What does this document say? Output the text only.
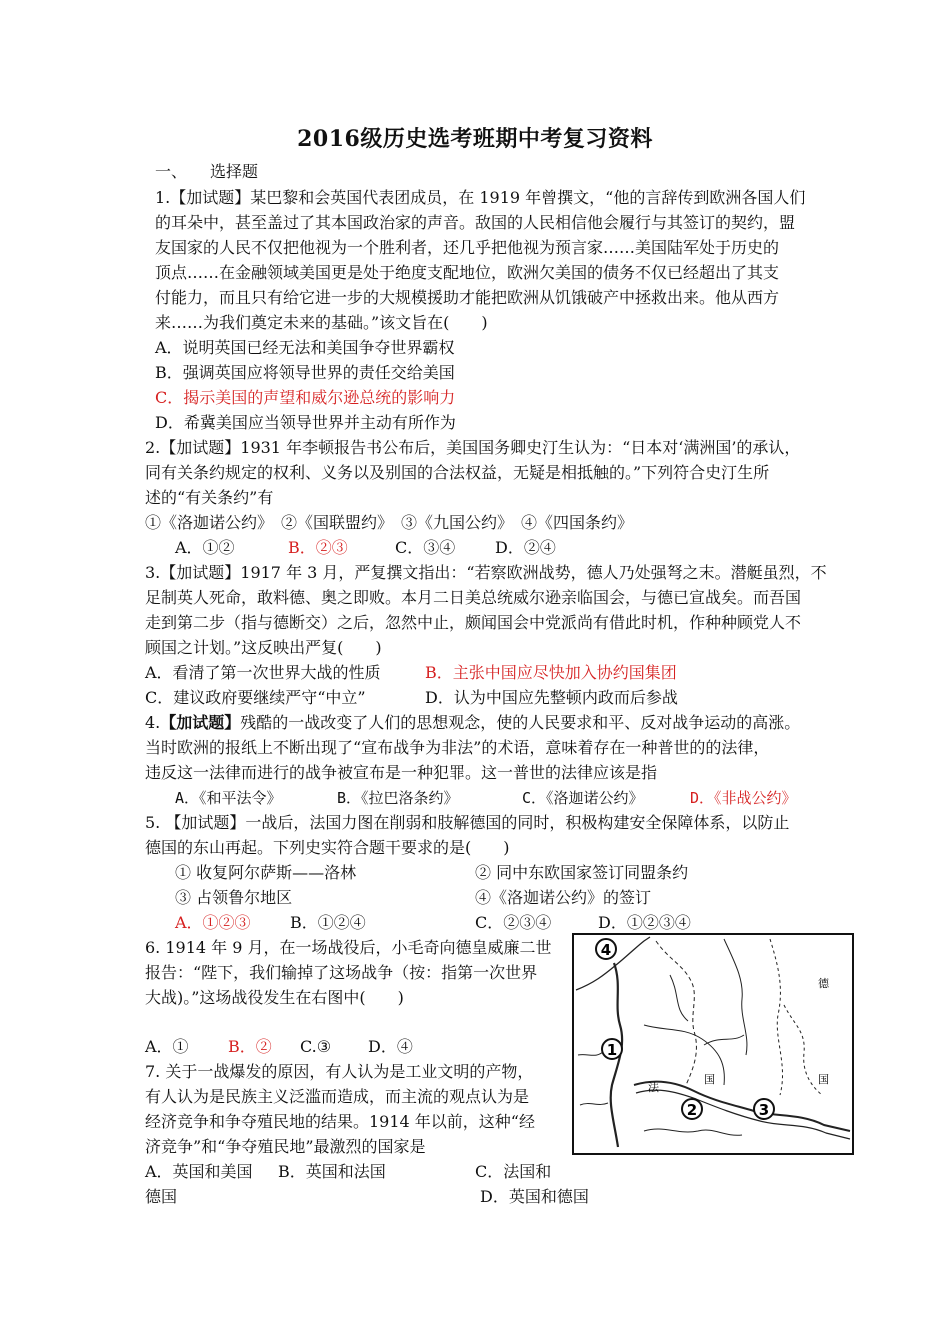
2016级历史选考班期中考复习资料
一、 选择题
1.【加试题】某巴黎和会英国代表团成员，在 1919 年曾撰文，“他的言辞传到欧洲各国人们
的耳朵中，甚至盖过了其本国政治家的声音。敌国的人民相信他会履行与其签订的契约，盟
友国家的人民不仅把他视为一个胜利者，还几乎把他视为预言家……美国陆军处于历史的
顶点……在金融领域美国更是处于绝度支配地位，欧洲欠美国的债务不仅已经超出了其支
付能力，而且只有给它进一步的大规模援助才能把欧洲从饥饿破产中拯救出来。他从西方
来……为我们奠定未来的基础。”该文旨在(　　)
A．说明英国已经无法和美国争夺世界霸权
B．强调英国应将领导世界的责任交给美国
C．揭示美国的声望和威尔逊总统的影响力
D．希冀美国应当领导世界并主动有所作为
2.【加试题】1931 年李顿报告书公布后，美国国务卿史汀生认为：“日本对‘满洲国’的承认，
同有关条约规定的权利、义务以及别国的合法权益，无疑是相抵触的。”下列符合史汀生所
述的“有关条约”有
①《洛迦诺公约》　②《国联盟约》　③《九国公约》　④《四国条约》
A．①②	B．②③	C．③④ D．②④
3.【加试题】1917 年 3 月，严复撰文指出：“若察欧洲战势，德人乃处强弩之末。潜艇虽烈，不
足制英人死命，敢料德、奥之即败。本月二日美总统威尔逊亲临国会，与德已宣战矣。而吾国
走到第二步（指与德断交）之后，忽然中止，颇闻国会中党派尚有借此时机，作种种顾党人不
顾国之计划。”这反映出严复(　　)
A．看清了第一次世界大战的性质	B．主张中国应尽快加入协约国集团
C．建议政府要继续严守“中立”	D．认为中国应先整顿内政而后参战
4.【加试题】残酷的一战改变了人们的思想观念，使的人民要求和平、反对战争运动的高涨。
当时欧洲的报纸上不断出现了“宣布战争为非法”的术语，意味着存在一种普世的的法律，
违反这一法律而进行的战争被宣布是一种犯罪。这一普世的法律应该是指
A．《和平法令》	B．《拉巴洛条约》	C．《洛迦诺公约》	D．《非战公约》
5. 【加试题】一战后，法国力图在削弱和肢解德国的同时，积极构建安全保障体系，以防止
德国的东山再起。下列史实符合题干要求的是(　　)
① 收复阿尔萨斯——洛林	② 同中东欧国家签订同盟条约
③ 占领鲁尔地区	④《洛迦诺公约》的签订
A．①②③ B．①②④	C．②③④	D．①②③④
6. 1914 年 9 月，在一场战役后，小毛奇向德皇威廉二世
报告：“陛下，我们输掉了这场战争（按：指第一次世界
大战)。”这场战役发生在右图中(　　)
A．① B．② C.③ D．④
4
1
2	3
德
国
法
国
7. 关于一战爆发的原因，有人认为是工业文明的产物，
有人认为是民族主义泛滥而造成，而主流的观点认为是
经济竞争和争夺殖民地的结果。1914 年以前，这种“经
济竞争”和“争夺殖民地”最激烈的国家是
A．英国和美国 B．英国和法国	C．法国和
德国	D．英国和德国
